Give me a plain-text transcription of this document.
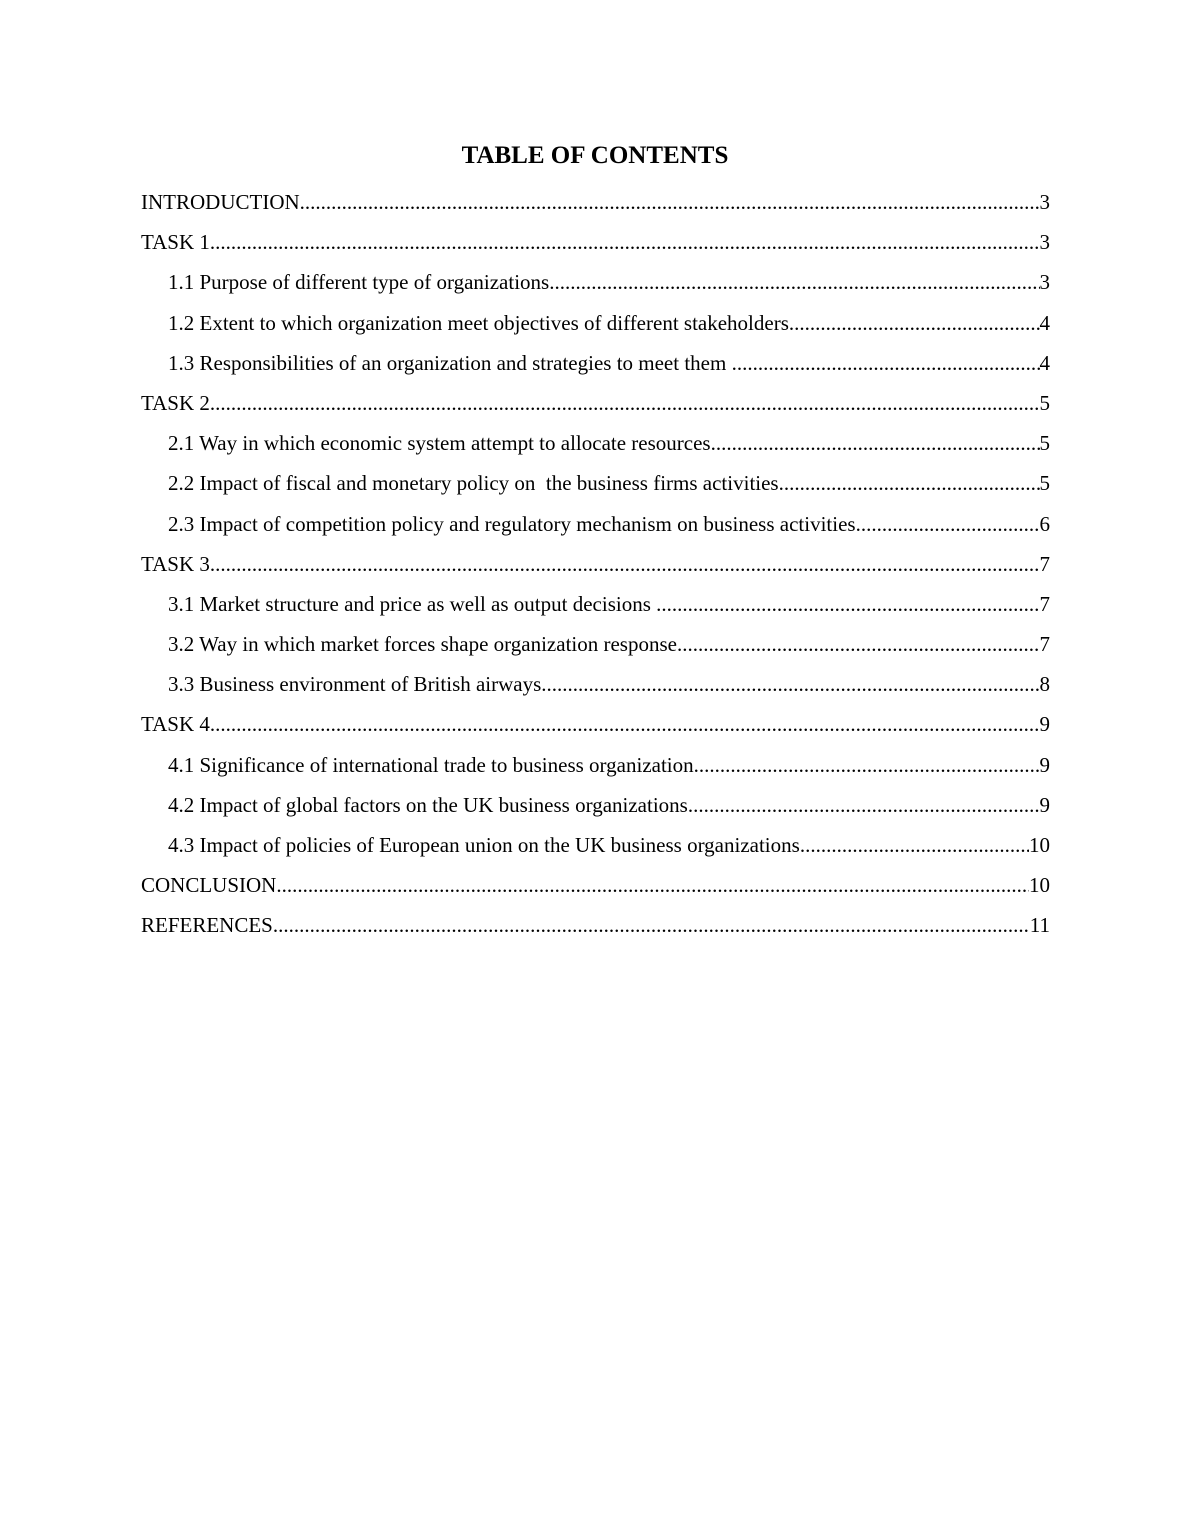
TABLE OF CONTENTS
INTRODUCTION .....	3
TASK 1 .....	3
1.1 Purpose of different type of organizations .....	3
1.2 Extent to which organization meet objectives of different stakeholders .....	4
1.3 Responsibilities of an organization and strategies to meet them .....	4
TASK 2 .....	5
2.1 Way in which economic system attempt to allocate resources .....	5
2.2 Impact of fiscal and monetary policy on  the business firms activities .....	5
2.3 Impact of competition policy and regulatory mechanism on business activities .....	6
TASK 3 .....	7
3.1 Market structure and price as well as output decisions .....	7
3.2 Way in which market forces shape organization response .....	7
3.3 Business environment of British airways .....	8
TASK 4 .....	9
4.1 Significance of international trade to business organization .....	9
4.2 Impact of global factors on the UK business organizations .....	9
4.3 Impact of policies of European union on the UK business organizations .....	10
CONCLUSION .....	10
REFERENCES .....	11
